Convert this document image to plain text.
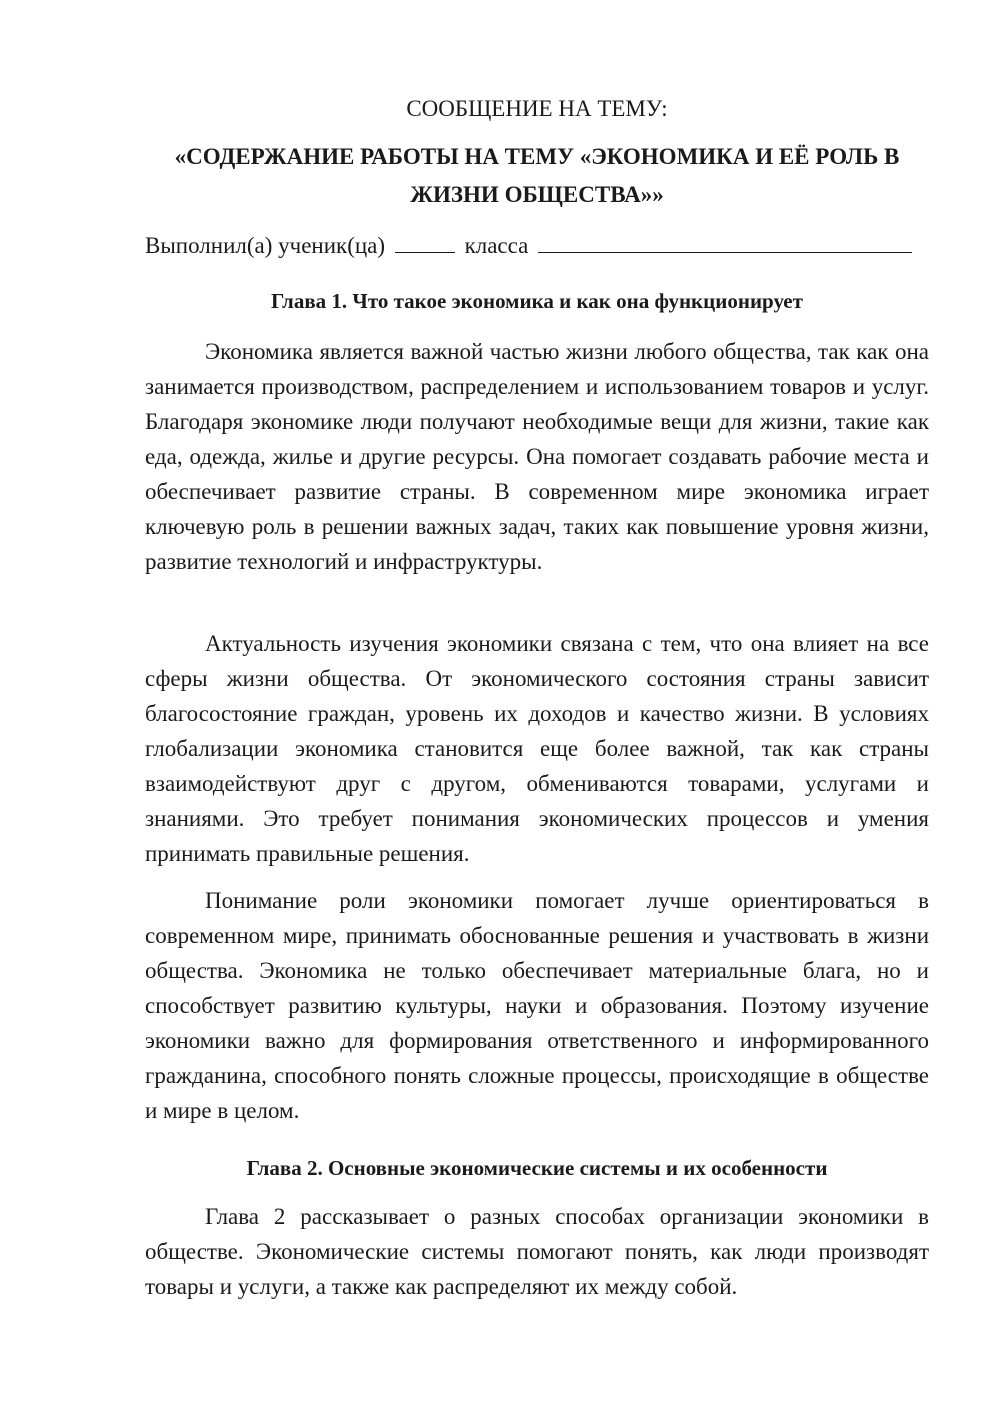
СООБЩЕНИЕ НА ТЕМУ:
«СОДЕРЖАНИЕ РАБОТЫ НА ТЕМУ «ЭКОНОМИКА И ЕЁ РОЛЬ В ЖИЗНИ ОБЩЕСТВА»»
Выполнил(а) ученик(ца)	класса
Глава 1. Что такое экономика и как она функционирует

Экономика является важной частью жизни любого общества, так как она занимается производством, распределением и использованием товаров и услуг. Благодаря экономике люди получают необходимые вещи для жизни, такие как еда, одежда, жилье и другие ресурсы. Она помогает создавать рабочие места и обеспечивает развитие страны. В современном мире экономика играет ключевую роль в решении важных задач, таких как повышение уровня жизни, развитие технологий и инфраструктуры.

Актуальность изучения экономики связана с тем, что она влияет на все сферы жизни общества. От экономического состояния страны зависит благосостояние граждан, уровень их доходов и качество жизни. В условиях глобализации экономика становится еще более важной, так как страны взаимодействуют друг с другом, обмениваются товарами, услугами и знаниями. Это требует понимания экономических процессов и умения принимать правильные решения.

Понимание роли экономики помогает лучше ориентироваться в современном мире, принимать обоснованные решения и участвовать в жизни общества. Экономика не только обеспечивает материальные блага, но и способствует развитию культуры, науки и образования. Поэтому изучение экономики важно для формирования ответственного и информированного гражданина, способного понять сложные процессы, происходящие в обществе и мире в целом.

Глава 2. Основные экономические системы и их особенности

Глава 2 рассказывает о разных способах организации экономики в обществе. Экономические системы помогают понять, как люди производят товары и услуги, а также как распределяют их между собой.
